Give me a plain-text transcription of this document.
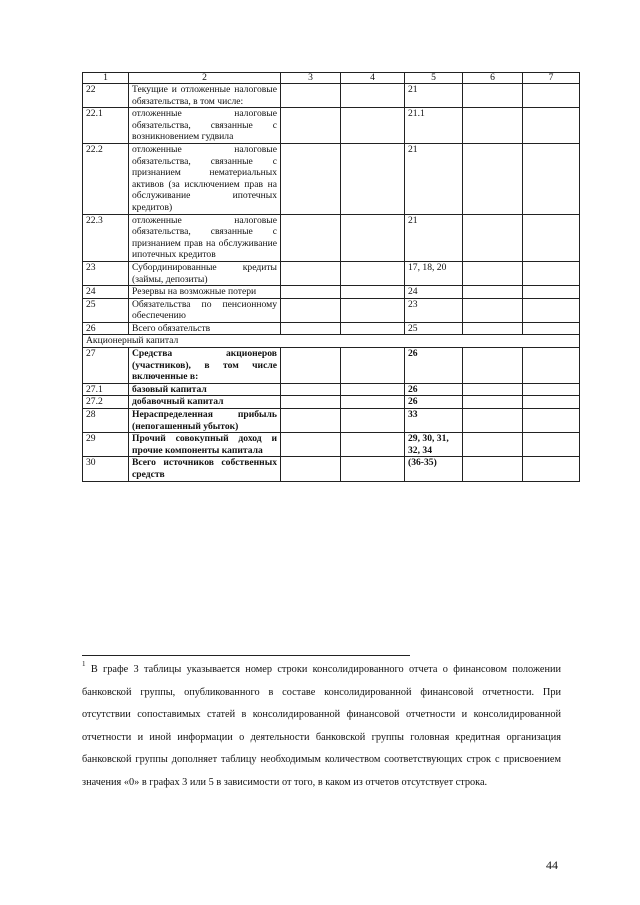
1	2	3	4	5	6	7
22	Текущие и отложенные налоговые обязательства, в том числе:			21		
22.1	отложенные налоговые обязательства, связанные с возникновением гудвила			21.1		
22.2	отложенные налоговые обязательства, связанные с признанием нематериальных активов (за исключением прав на обслуживание ипотечных кредитов)			21		
22.3	отложенные налоговые обязательства, связанные с признанием прав на обслуживание ипотечных кредитов			21		
23	Субординированные кредиты (займы, депозиты)			17, 18, 20		
24	Резервы на возможные потери			24		
25	Обязательства по пенсионному обеспечению			23		
26	Всего обязательств			25		
Акционерный капитал						
27	Средства акционеров (участников), в том числе включенные в:			26		
27.1	базовый капитал			26		
27.2	добавочный капитал			26		
28	Нераспределенная прибыль (непогашенный убыток)			33		
29	Прочий совокупный доход и прочие компоненты капитала			29, 30, 31, 32, 34		
30	Всего источников собственных средств			(36-35)		
$^1$ В графе 3 таблицы указывается номер строки консолидированного отчета о финансовом положении банковской группы, опубликованного в составе консолидированной финансовой отчетности. При отсутствии сопоставимых статей в консолидированной финансовой отчетности и консолидированной отчетности и иной информации о деятельности банковской группы головная кредитная организация банковской группы дополняет таблицу необходимым количеством соответствующих строк с присвоением значения «0» в графах 3 или 5 в зависимости от того, в каком из отчетов отсутствует строка.
44
